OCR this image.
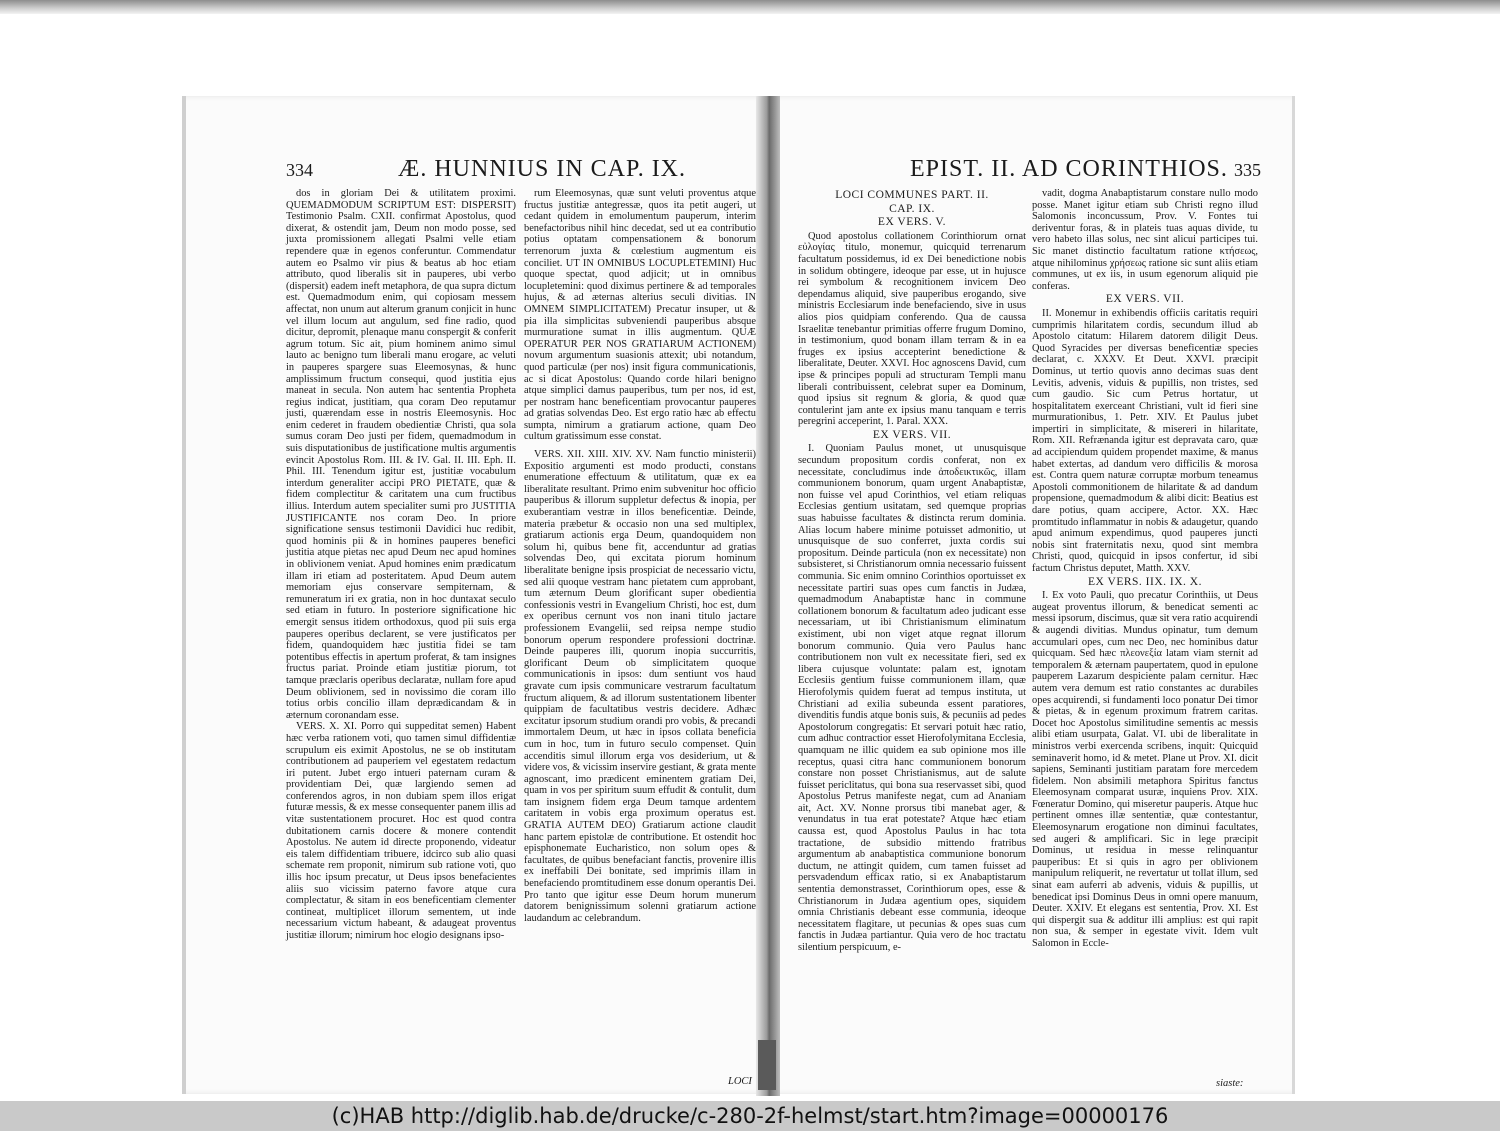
334	Æ. HUNNIUS IN CAP. IX.

dos in gloriam Dei & utilitatem proximi. QUEMADMODUM SCRIPTUM EST: DISPERSIT) Testimonio Psalm. CXII. confirmat Apostolus, quod dixerat, & ostendit jam, Deum non modo posse, sed juxta promissionem allegati Psalmi velle etiam rependere quæ in egenos conferuntur. Commendatur autem eo Psalmo vir pius & beatus ab hoc etiam attributo, quod liberalis sit in pauperes, ubi verbo (dispersit) eadem ineft metaphora, de qua supra dictum est. Quemadmodum enim, qui copiosam messem affectat, non unum aut alterum granum conjicit in hunc vel illum locum aut angulum, sed fine radio, quod dicitur, depromit, plenaque manu conspergit & conferit agrum totum. Sic ait, pium hominem animo simul lauto ac benigno tum liberali manu erogare, ac veluti in pauperes spargere suas Eleemosynas, & hunc amplissimum fructum consequi, quod justitia ejus maneat in secula. Non autem hac sententia Propheta regius indicat, justitiam, qua coram Deo reputamur justi, quærendam esse in nostris Eleemosynis. Hoc enim cederet in fraudem obedientiæ Christi, qua sola sumus coram Deo justi per fidem, quemadmodum in suis disputationibus de justificatione multis argumentis evincit Apostolus Rom. III. & IV. Gal. II. III. Eph. II. Phil. III. Tenendum igitur est, justitiæ vocabulum interdum generaliter accipi PRO PIETATE, quæ & fidem complectitur & caritatem una cum fructibus illius. Interdum autem specialiter sumi pro JUSTITIA JUSTIFICANTE nos coram Deo. In priore significatione sensus testimonii Davidici huc redibit, quod hominis pii & in homines pauperes benefici justitia atque pietas nec apud Deum nec apud homines in oblivionem veniat. Apud homines enim prædicatum illam iri etiam ad posteritatem. Apud Deum autem memoriam ejus conservare sempiternam, & remuneratum iri ex gratia, non in hoc duntaxat seculo sed etiam in futuro. In posteriore significatione hic emergit sensus itidem orthodoxus, quod pii suis erga pauperes operibus declarent, se vere justificatos per fidem, quandoquidem hæc justitia fidei se tam potentibus effectis in apertum proferat, & tam insignes fructus pariat. Proinde etiam justitiæ piorum, tot tamque præclaris operibus declaratæ, nullam fore apud Deum oblivionem, sed in novissimo die coram illo totius orbis concilio illam deprædicandam & in æternum coronandam esse.

VERS. X. XI. Porro qui suppeditat semen) Habent hæc verba rationem voti, quo tamen simul diffidentiæ scrupulum eis eximit Apostolus, ne se ob institutam contributionem ad pauperiem vel egestatem redactum iri putent. Jubet ergo intueri paternam curam & providentiam Dei, quæ largiendo semen ad conferendos agros, in non dubiam spem illos erigat futuræ messis, & ex messe consequenter panem illis ad vitæ sustentationem procuret. Hoc est quod contra dubitationem carnis docere & monere contendit Apostolus. Ne autem id directe proponendo, videatur eis talem diffidentiam tribuere, idcirco sub alio quasi schemate rem proponit, nimirum sub ratione voti, quo illis hoc ipsum precatur, ut Deus ipsos benefacientes aliis suo vicissim paterno favore atque cura complectatur, & sitam in eos beneficentiam clementer contineat, multiplicet illorum sementem, ut inde necessarium victum habeant, & adaugeat proventus justitiæ illorum; nimirum hoc elogio designans ipso-

rum Eleemosynas, quæ sunt veluti proventus atque fructus justitiæ antegressæ, quos ita petit augeri, ut cedant quidem in emolumentum pauperum, interim benefactoribus nihil hinc decedat, sed ut ea contributio potius optatam compensationem & bonorum terrenorum juxta & cœlestium augmentum eis conciliet. UT IN OMNIBUS LOCUPLETEMINI) Huc quoque spectat, quod adjicit; ut in omnibus locupletemini: quod diximus pertinere & ad temporales hujus, & ad æternas alterius seculi divitias. IN OMNEM SIMPLICITATEM) Precatur insuper, ut & pia illa simplicitas subveniendi pauperibus absque murmuratione sumat in illis augmentum. QUÆ OPERATUR PER NOS GRATIARUM ACTIONEM) novum argumentum suasionis attexit; ubi notandum, quod particulæ (per nos) insit figura communicationis, ac si dicat Apostolus: Quando corde hilari benigno atque simplici damus pauperibus, tum per nos, id est, per nostram hanc beneficentiam provocantur pauperes ad gratias solvendas Deo. Est ergo ratio hæc ab effectu sumpta, nimirum a gratiarum actione, quam Deo cultum gratissimum esse constat.

VERS. XII. XIII. XIV. XV. Nam functio ministerii) Expositio argumenti est modo producti, constans enumeratione effectuum & utilitatum, quæ ex ea liberalitate resultant. Primo enim subvenitur hoc officio pauperibus & illorum suppletur defectus & inopia, per exuberantiam vestræ in illos beneficentiæ. Deinde, materia præbetur & occasio non una sed multiplex, gratiarum actionis erga Deum, quandoquidem non solum hi, quibus bene fit, accenduntur ad gratias solvendas Deo, qui excitata piorum hominum liberalitate benigne ipsis prospiciat de necessario victu, sed alii quoque vestram hanc pietatem cum approbant, tum æternum Deum glorificant super obedientia confessionis vestri in Evangelium Christi, hoc est, dum ex operibus cernunt vos non inani titulo jactare professionem Evangelii, sed reipsa nempe studio bonorum operum respondere professioni doctrinæ. Deinde pauperes illi, quorum inopia succurritis, glorificant Deum ob simplicitatem quoque communicationis in ipsos: dum sentiunt vos haud gravate cum ipsis communicare vestrarum facultatum fructum aliquem, & ad illorum sustentationem libenter quippiam de facultatibus vestris decidere. Adhæc excitatur ipsorum studium orandi pro vobis, & precandi immortalem Deum, ut hæc in ipsos collata beneficia cum in hoc, tum in futuro seculo compenset. Quin accenditis simul illorum erga vos desiderium, ut & videre vos, & vicissim inservire gestiant, & grata mente agnoscant, imo prædicent eminentem gratiam Dei, quam in vos per spiritum suum effudit & contulit, dum tam insignem fidem erga Deum tamque ardentem caritatem in vobis erga proximum operatus est. GRATIA AUTEM DEO) Gratiarum actione claudit hanc partem epistolæ de contributione. Et ostendit hoc episphonemate Eucharistico, non solum opes & facultates, de quibus benefaciant fanctis, provenire illis ex ineffabili Dei bonitate, sed imprimis illam in benefaciendo promtitudinem esse donum operantis Dei. Pro tanto que igitur esse Deum horum munerum datorem benignissimum solenni gratiarum actione laudandum ac celebrandum.

LOCI
EPIST. II. AD CORINTHIOS. 335
LOCI COMMUNES PART. II.
CAP. IX.
EX VERS. V.

Quod apostolus collationem Corinthiorum ornat εὐλογίας titulo, monemur, quicquid terrenarum facultatum possidemus, id ex Dei benedictione nobis in solidum obtingere, ideoque par esse, ut in hujusce rei symbolum & recognitionem invicem Deo dependamus aliquid, sive pauperibus erogando, sive ministris Ecclesiarum inde benefaciendo, sive in usus alios pios quidpiam conferendo. Qua de caussa Israelitæ tenebantur primitias offerre frugum Domino, in testimonium, quod bonam illam terram & in ea fruges ex ipsius accepterint benedictione & liberalitate, Deuter. XXVI. Hoc agnoscens David, cum ipse & principes populi ad structuram Templi manu liberali contribuissent, celebrat super ea Dominum, quod ipsius sit regnum & gloria, & quod quæ contulerint jam ante ex ipsius manu tanquam e terris peregrini acceperint, 1. Paral. XXX.

EX VERS. VII.

I. Quoniam Paulus monet, ut unusquisque secundum propositum cordis conferat, non ex necessitate, concludimus inde ἀποδεικτικῶς, illam communionem bonorum, quam urgent Anabaptistæ, non fuisse vel apud Corinthios, vel etiam reliquas Ecclesias gentium usitatam, sed quemque proprias suas habuisse facultates & distincta rerum dominia. Alias locum habere minime potuisset admonitio, ut unusquisque de suo conferret, juxta cordis sui propositum. Deinde particula (non ex necessitate) non subsisteret, si Christianorum omnia necessario fuissent communia. Sic enim omnino Corinthios oportuisset ex necessitate partiri suas opes cum fanctis in Judæa, quemadmodum Anabaptistæ hanc in commune collationem bonorum & facultatum adeo judicant esse necessariam, ut ibi Christianismum eliminatum existiment, ubi non viget atque regnat illorum bonorum communio. Quia vero Paulus hanc contributionem non vult ex necessitate fieri, sed ex libera cujusque voluntate: palam est, ignotam Ecclesiis gentium fuisse communionem illam, quæ Hierofolymis quidem fuerat ad tempus instituta, ut Christiani ad exilia subeunda essent paratiores, divenditis fundis atque bonis suis, & pecuniis ad pedes Apostolorum congregatis: Et servari potuit hæc ratio, cum adhuc contractior esset Hierofolymitana Ecclesia, quamquam ne illic quidem ea sub opinione mos ille receptus, quasi citra hanc communionem bonorum constare non posset Christianismus, aut de salute fuisset periclitatus, qui bona sua reservasset sibi, quod Apostolus Petrus manifeste negat, cum ad Ananiam ait, Act. XV. Nonne prorsus tibi manebat ager, & venundatus in tua erat potestate? Atque hæc etiam caussa est, quod Apostolus Paulus in hac tota tractatione, de subsidio mittendo fratribus argumentum ab anabaptistica communione bonorum ductum, ne attingit quidem, cum tamen fuisset ad persvadendum efficax ratio, si ex Anabaptistarum sententia demonstrasset, Corinthiorum opes, esse & Christianorum in Judæa agentium opes, siquidem omnia Christianis debeant esse communia, ideoque necessitatem flagitare, ut pecunias & opes suas cum fanctis in Judæa partiantur. Quia vero de hoc tractatu silentium perspicuum, e-

vadit, dogma Anabaptistarum constare nullo modo posse. Manet igitur etiam sub Christi regno illud Salomonis inconcussum, Prov. V. Fontes tui deriventur foras, & in plateis tuas aquas divide, tu vero habeto illas solus, nec sint alicui participes tui. Sic manet distinctio facultatum ratione κτήσεως, atque nihilominus χρήσεως ratione sic sunt aliis etiam communes, ut ex iis, in usum egenorum aliquid pie conferas.

EX VERS. VII.

II. Monemur in exhibendis officiis caritatis requiri cumprimis hilaritatem cordis, secundum illud ab Apostolo citatum: Hilarem datorem diligit Deus. Quod Syracides per diversas beneficentiæ species declarat, c. XXXV. Et Deut. XXVI. præcipit Dominus, ut tertio quovis anno decimas suas dent Levitis, advenis, viduis & pupillis, non tristes, sed cum gaudio. Sic cum Petrus hortatur, ut hospitalitatem exerceant Christiani, vult id fieri sine murmurationibus, 1. Petr. XIV. Et Paulus jubet impertiri in simplicitate, & misereri in hilaritate, Rom. XII. Refrænanda igitur est depravata caro, quæ ad accipiendum quidem propendet maxime, & manus habet extertas, ad dandum vero difficilis & morosa est. Contra quem naturæ corruptæ morbum teneamus Apostoli commonitionem de hilaritate & ad dandum propensione, quemadmodum & alibi dicit: Beatius est dare potius, quam accipere, Actor. XX. Hæc promtitudo inflammatur in nobis & adaugetur, quando apud animum expendimus, quod pauperes juncti nobis sint fraternitatis nexu, quod sint membra Christi, quod, quicquid in ipsos confertur, id sibi factum Christus deputet, Matth. XXV.

EX VERS. IIX. IX. X.

I. Ex voto Pauli, quo precatur Corinthiis, ut Deus augeat proventus illorum, & benedicat sementi ac messi ipsorum, discimus, quæ sit vera ratio acquirendi & augendi divitias. Mundus opinatur, tum demum accumulari opes, cum nec Deo, nec hominibus datur quicquam. Sed hæc πλεονεξία latam viam sternit ad temporalem & æternam paupertatem, quod in epulone pauperem Lazarum despiciente palam cernitur. Hæc autem vera demum est ratio constantes ac durabiles opes acquirendi, si fundamenti loco ponatur Dei timor & pietas, & in egenum proximum fratrem caritas. Docet hoc Apostolus similitudine sementis ac messis alibi etiam usurpata, Galat. VI. ubi de liberalitate in ministros verbi exercenda scribens, inquit: Quicquid seminaverit homo, id & metet. Plane ut Prov. XI. dicit sapiens, Seminanti justitiam paratam fore mercedem fidelem. Non absimili metaphora Spiritus fanctus Eleemosynam comparat usuræ, inquiens Prov. XIX. Fœneratur Domino, qui miseretur pauperis. Atque huc pertinent omnes illæ sententiæ, quæ contestantur, Eleemosynarum erogatione non diminui facultates, sed augeri & amplificari. Sic in lege præcipit Dominus, ut residua in messe relinquantur pauperibus: Et si quis in agro per oblivionem manipulum reliquerit, ne revertatur ut tollat illum, sed sinat eam auferri ab advenis, viduis & pupillis, ut benedicat ipsi Dominus Deus in omni opere manuum, Deuter. XXIV. Et elegans est sententia, Prov. XI. Est qui dispergit sua & additur illi amplius: est qui rapit non sua, & semper in egestate vivit. Idem vult Salomon in Eccle-

siaste:
(c)HAB http://diglib.hab.de/drucke/c-280-2f-helmst/start.htm?image=00000176
